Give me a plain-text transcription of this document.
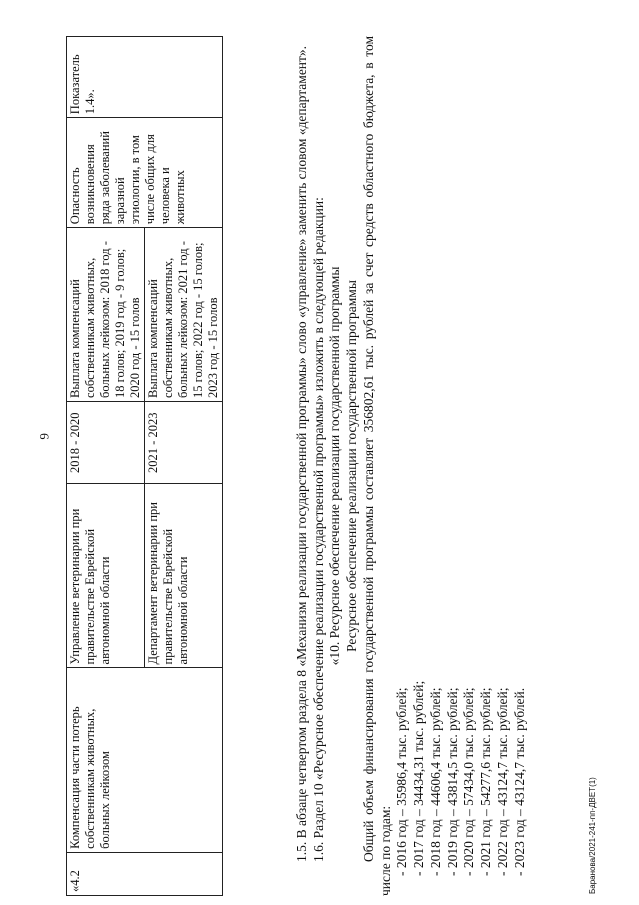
Баранова/2021-241-пп-ДВЕТ(1)
6
«4.2	Компенсация части потерь собственникам животных, больных лейкозом	Управление ветеринарии при правительстве Еврейской автономной области	2018 - 2020	Выплата компенсаций собственникам животных, больных лейкозом: 2018 год - 18 голов; 2019 год - 9 голов; 2020 год - 15 голов	Опасность возникновения ряда заболеваний заразной этиологии, в том числе общих для человека и животных	Показатель 1.4».
		Департамент ветеринарии при правительстве Еврейской автономной области	2021 - 2023	Выплата компенсаций собственникам животных, больных лейкозом: 2021 год - 15 голов; 2022 год - 15 голов; 2023 год - 15 голов			1.5. В абзаце четвертом раздела 8 «Механизм реализации государственной программы» слово «управление» заменить словом «департамент». 1.6. Раздел 10 «Ресурсное обеспечение реализации государственной программы» изложить в следующей редакции: «10. Ресурсное обеспечение реализации государственной программы Ресурсное обеспечение реализации государственной программы Общий объем финансирования государственной программы составляет 356802,61 тыс. рублей за счет средств областного бюджета, в том числе по годам: - 2016 год – 35986,4 тыс. рублей; - 2017 год – 34434,31 тыс. рублей; - 2018 год – 44606,4 тыс. рублей; - 2019 год – 43814,5 тыс. рублей; - 2020 год – 57434,0 тыс. рублей; - 2021 год – 54277,6 тыс. рублей; - 2022 год – 43124,7 тыс. рублей; - 2023 год – 43124,7 тыс. рублей.
